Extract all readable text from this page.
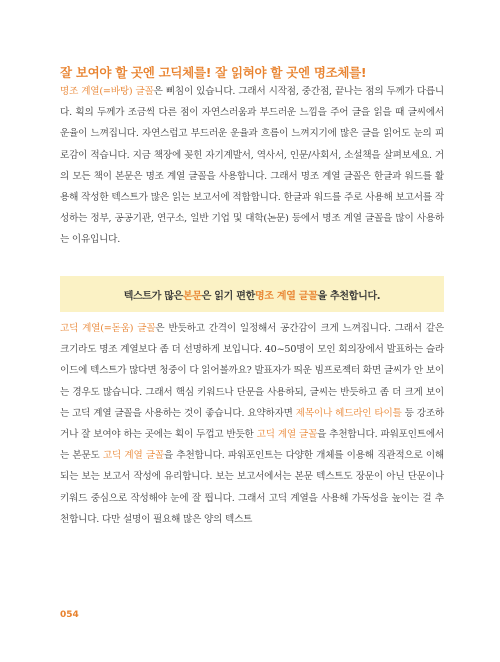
잘 보여야 할 곳엔 고딕체를! 잘 읽혀야 할 곳엔 명조체를!

명조 계열(=바탕) 글꼴은 삐침이 있습니다. 그래서 시작점, 중간점, 끝나는 점의 두께가 다릅니다. 획의 두께가 조금씩 다른 점이 자연스러움과 부드러운 느낌을 주어 글을 읽을 때 글씨에서 운율이 느껴집니다. 자연스럽고 부드러운 운율과 흐름이 느껴지기에 많은 글을 읽어도 눈의 피로감이 적습니다. 지금 책장에 꽂힌 자기계발서, 역사서, 인문/사회서, 소설책을 살펴보세요. 거의 모든 책이 본문은 명조 계열 글꼴을 사용합니다. 그래서 명조 계열 글꼴은 한글과 워드를 활용해 작성한 텍스트가 많은 읽는 보고서에 적합합니다. 한글과 워드를 주로 사용해 보고서를 작성하는 정부, 공공기관, 연구소, 일반 기업 및 대학(논문) 등에서 명조 계열 글꼴을 많이 사용하는 이유입니다.

텍스트가 많은 본문 은 읽기 편한 명조 계열 글꼴 을 추천합니다.

고딕 계열(=돋움) 글꼴은 반듯하고 간격이 일정해서 공간감이 크게 느껴집니다. 그래서 같은 크기라도 명조 계열보다 좀 더 선명하게 보입니다. 40~50명이 모인 회의장에서 발표하는 슬라이드에 텍스트가 많다면 청중이 다 읽어볼까요? 발표자가 띄운 빔프로젝터 화면 글씨가 안 보이는 경우도 많습니다. 그래서 핵심 키워드나 단문을 사용하되, 글씨는 반듯하고 좀 더 크게 보이는 고딕 계열 글꼴을 사용하는 것이 좋습니다. 요약하자면 제목이나 헤드라인 타이틀 등 강조하거나 잘 보여야 하는 곳에는 획이 두껍고 반듯한 고딕 계열 글꼴을 추천합니다. 파워포인트에서는 본문도 고딕 계열 글꼴을 추천합니다. 파워포인트는 다양한 개체를 이용해 직관적으로 이해되는 보는 보고서 작성에 유리합니다. 보는 보고서에서는 본문 텍스트도 장문이 아닌 단문이나 키워드 중심으로 작성해야 눈에 잘 띕니다. 그래서 고딕 계열을 사용해 가독성을 높이는 걸 추천합니다. 다만 설명이 필요해 많은 양의 텍스트

054
